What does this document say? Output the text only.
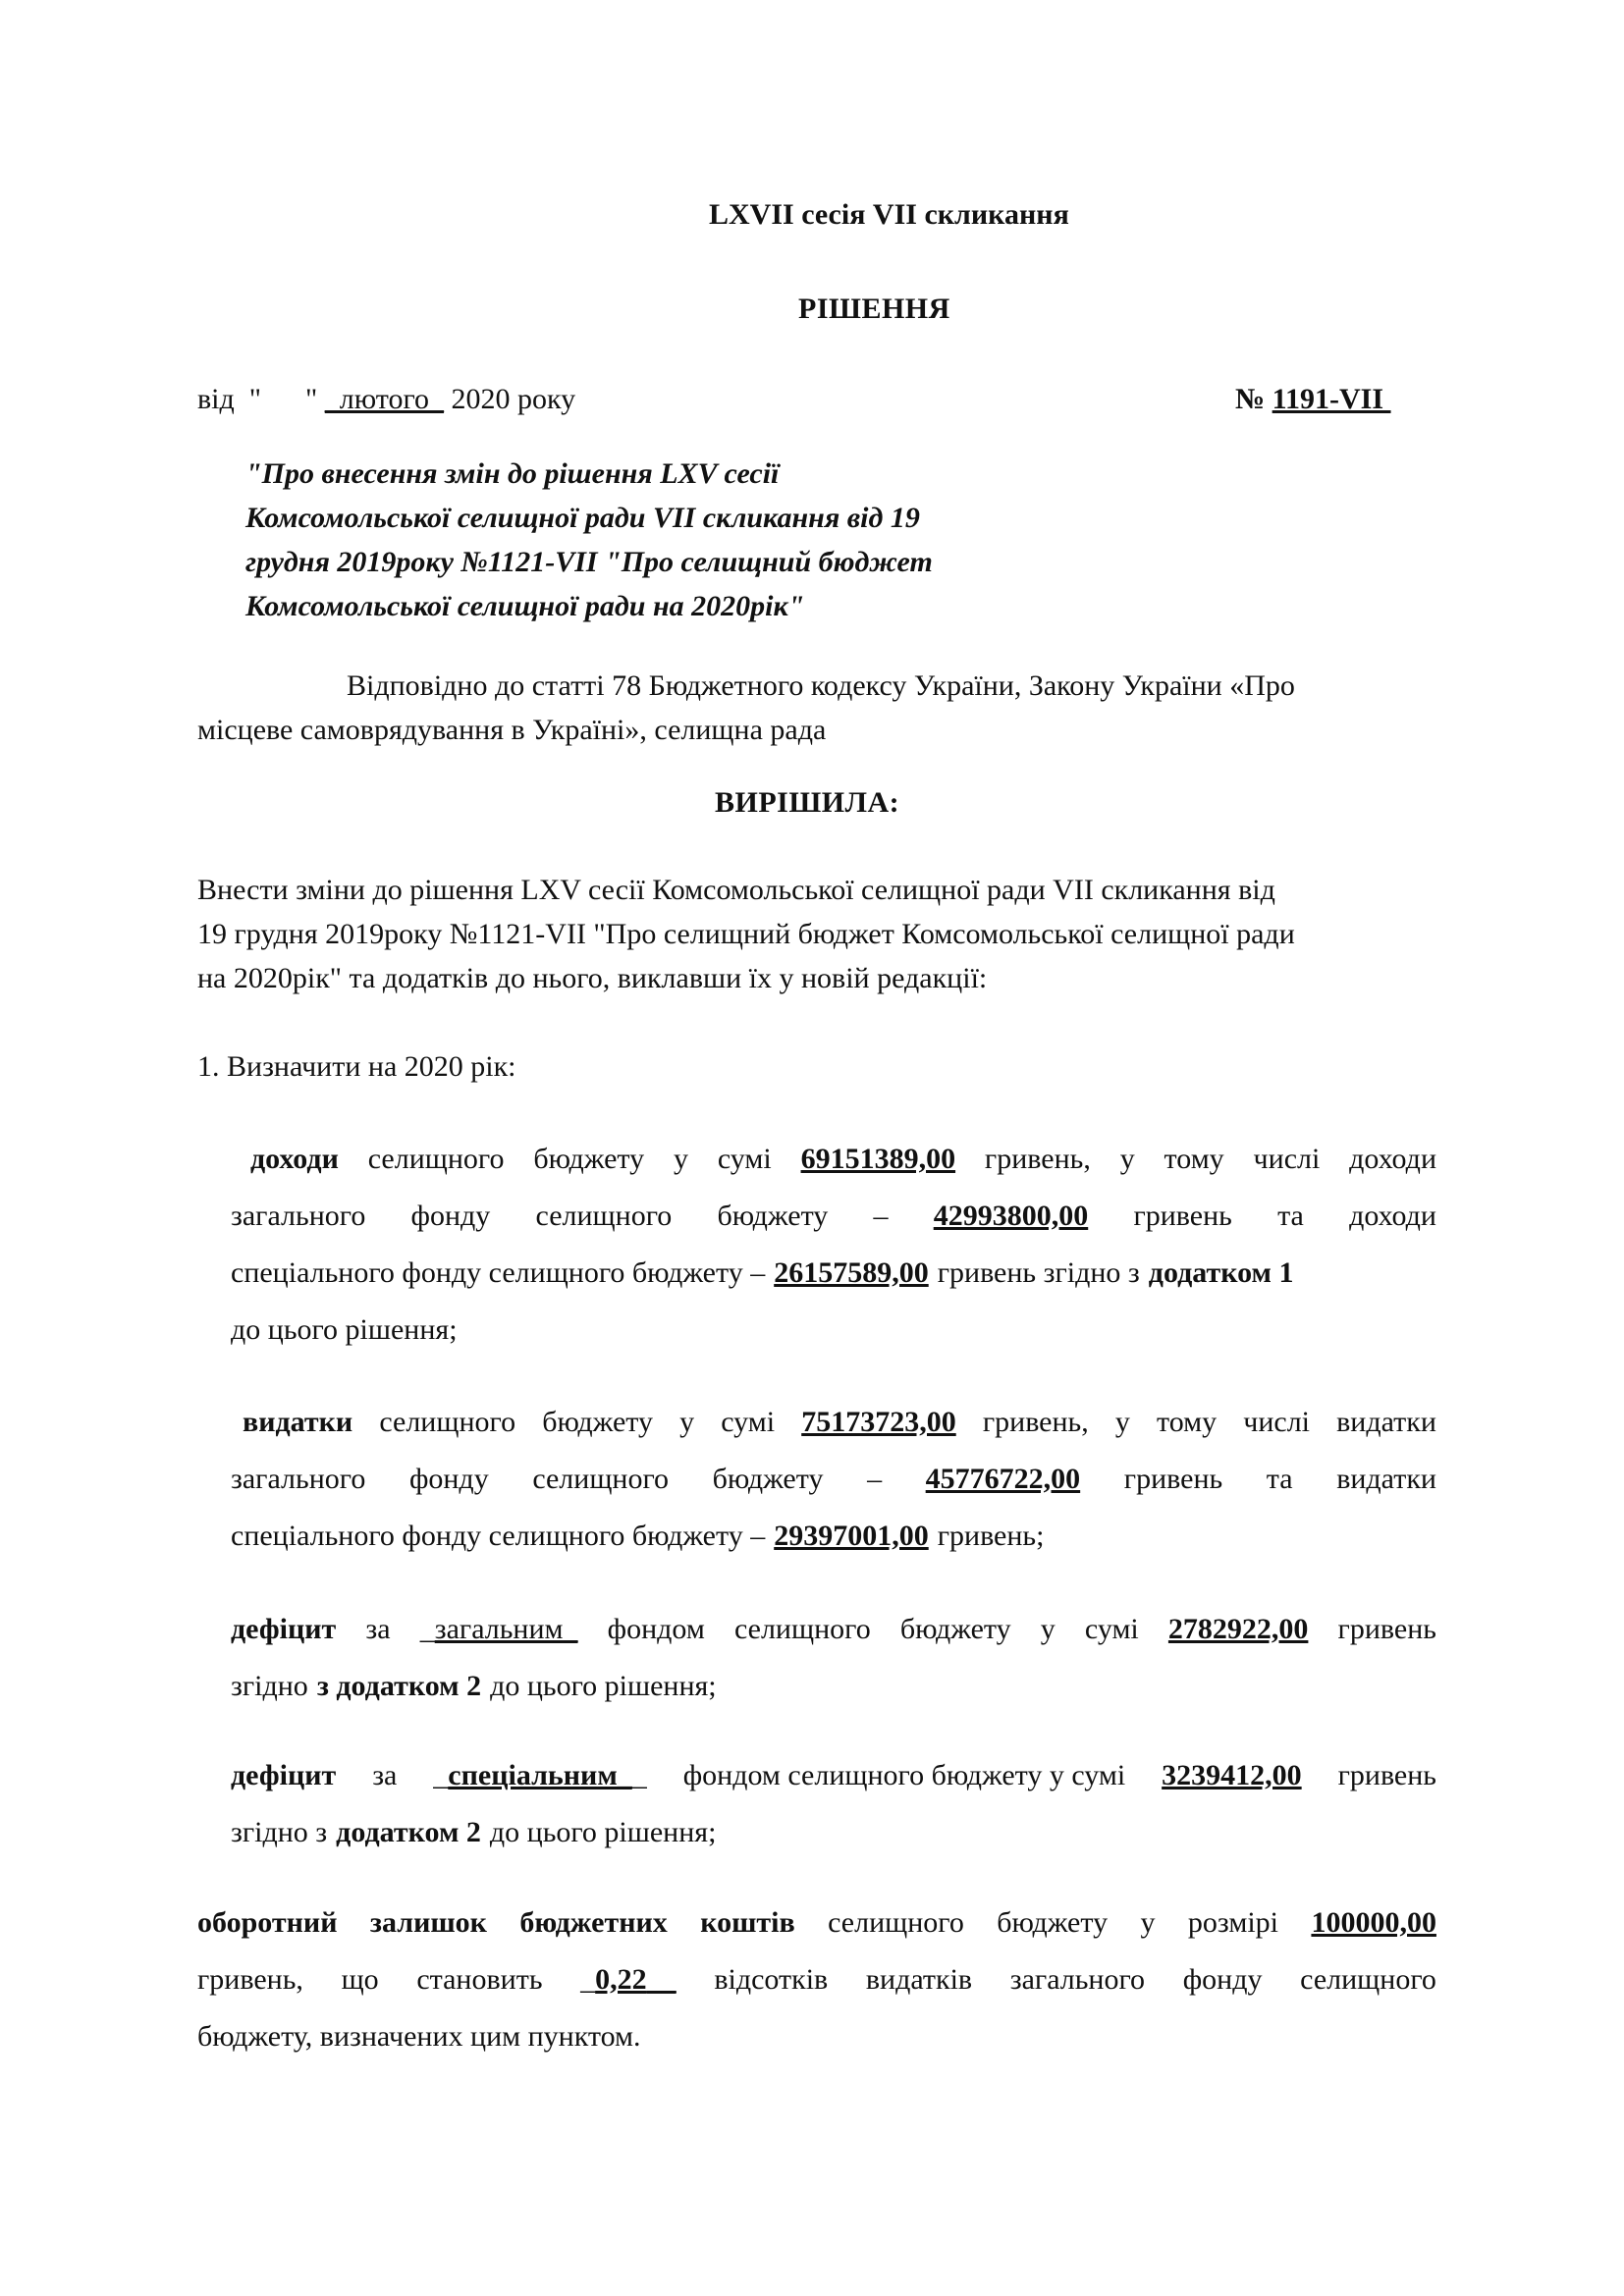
LXVII сесія VII скликання
РІШЕННЯ
від  "      " _лютого_ 2020 року	№ 1191-VII
"Про внесення змін до рішення LXV сесії
Комсомольської селищної ради VII скликання від 19
грудня 2019року №1121-VII "Про селищний бюджет
Комсомольської селищної ради на 2020рік"
Відповідно до статті 78 Бюджетного кодексу України, Закону України «Про
місцеве самоврядування в Україні», селищна рада
ВИРІШИЛА:
Внести зміни до рішення LXV сесії Комсомольської селищної ради VII скликання від
19 грудня 2019року №1121-VII "Про селищний бюджет Комсомольської селищної ради
на 2020рік" та додатків до нього, виклавши їх у новій редакції:
1. Визначити на 2020 рік:
доходи селищного бюджету у сумі 69151389,00 гривень, у тому числі доходи
загального фонду селищного бюджету – 42993800,00 гривень та доходи
спеціального фонду селищного бюджету – 26157589,00 гривень згідно з додатком 1
до цього рішення;
видатки селищного бюджету у сумі 75173723,00 гривень, у тому числі видатки
загального фонду селищного бюджету – 45776722,00 гривень та видатки
спеціального фонду селищного бюджету – 29397001,00 гривень;
дефіцит за _загальним_ фондом селищного бюджету у сумі 2782922,00 гривень
згідно з додатком 2 до цього рішення;
дефіцит за _спеціальним__ фондом селищного бюджету у сумі 3239412,00 гривень
згідно з додатком 2 до цього рішення;
оборотний залишок бюджетних коштів селищного бюджету у розмірі 100000,00
гривень, що становить _0,22__ відсотків видатків загального фонду селищного
бюджету, визначених цим пунктом.
